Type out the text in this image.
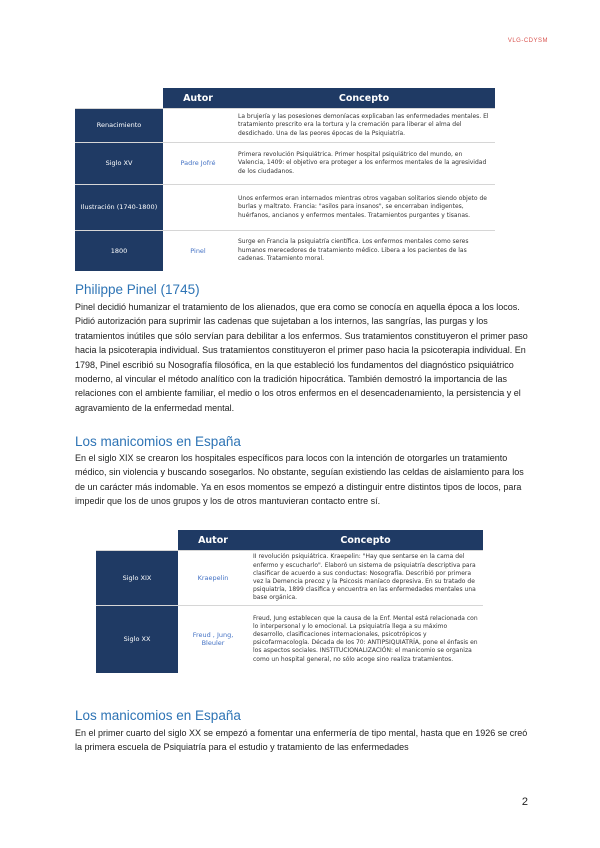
VLG-CDYSM
	Autor	Concepto
Renacimiento		La brujería y las posesiones demoníacas explicaban las enfermedades mentales. El tratamiento prescrito era la tortura y la cremación para liberar el alma del desdichado. Una de las peores épocas de la Psiquiatría.
Siglo XV	Padre Jofré	Primera revolución Psiquiátrica. Primer hospital psiquiátrico del mundo, en Valencia, 1409: el objetivo era proteger a los enfermos mentales de la agresividad de los ciudadanos.
Ilustración (1740-1800)		Unos enfermos eran internados mientras otros vagaban solitarios siendo objeto de burlas y maltrato. Francia: "asilos para insanos", se encerraban indigentes, huérfanos, ancianos y enfermos mentales. Tratamientos purgantes y tisanas.
1800	Pinel	Surge en Francia la psiquiatría científica. Los enfermos mentales como seres humanos merecedores de tratamiento médico. Libera a los pacientes de las cadenas. Tratamiento moral.
Philippe Pinel (1745)

Pinel decidió humanizar el tratamiento de los alienados, que era como se conocía en aquella época a los locos. Pidió autorización para suprimir las cadenas que sujetaban a los internos, las sangrías, las purgas y los tratamientos inútiles que sólo servían para debilitar a los enfermos. Sus tratamientos constituyeron el primer paso hacia la psicoterapia individual. Sus tratamientos constituyeron el primer paso hacia la psicoterapia individual. En 1798, Pinel escribió su Nosografía filosófica, en la que estableció los fundamentos del diagnóstico psiquiátrico moderno, al vincular el método analítico con la tradición hipocrática. También demostró la importancia de las relaciones con el ambiente familiar, el medio o los otros enfermos en el desencadenamiento, la persistencia y el agravamiento de la enfermedad mental.

Los manicomios en España

En el siglo XIX se crearon los hospitales específicos para locos con la intención de otorgarles un tratamiento médico, sin violencia y buscando sosegarlos. No obstante, seguían existiendo las celdas de aislamiento para los de un carácter más indomable. Ya en esos momentos se empezó a distinguir entre distintos tipos de locos, para impedir que los de unos grupos y los de otros mantuvieran contacto entre sí.

	Autor	Concepto
Siglo XIX	Kraepelin	II revolución psiquiátrica. Kraepelin: "Hay que sentarse en la cama del enfermo y escucharlo". Elaboró un sistema de psiquiatría descriptiva para clasificar de acuerdo a sus conductas: Nosografía. Describió por primera vez la Demencia precoz y la Psicosis maníaco depresiva. En su tratado de psiquiatría, 1899 clasifica y encuentra en las enfermedades mentales una base orgánica.
Siglo XX	Freud , Jung, Bleuler	Freud, Jung establecen que la causa de la Enf. Mental está relacionada con lo interpersonal y lo emocional. La psiquiatría llega a su máximo desarrollo, clasificaciones internacionales, psicotrópicos y psicofarmacología. Década de los 70: ANTIPSIQUIATRÍA, pone el énfasis en los aspectos sociales. INSTITUCIONALIZACIÓN: el manicomio se organiza como un hospital general, no sólo acoge sino realiza tratamientos.
Los manicomios en España

En el primer cuarto del siglo XX se empezó a fomentar una enfermería de tipo mental, hasta que en 1926 se creó la primera escuela de Psiquiatría para el estudio y tratamiento de las enfermedades

2
